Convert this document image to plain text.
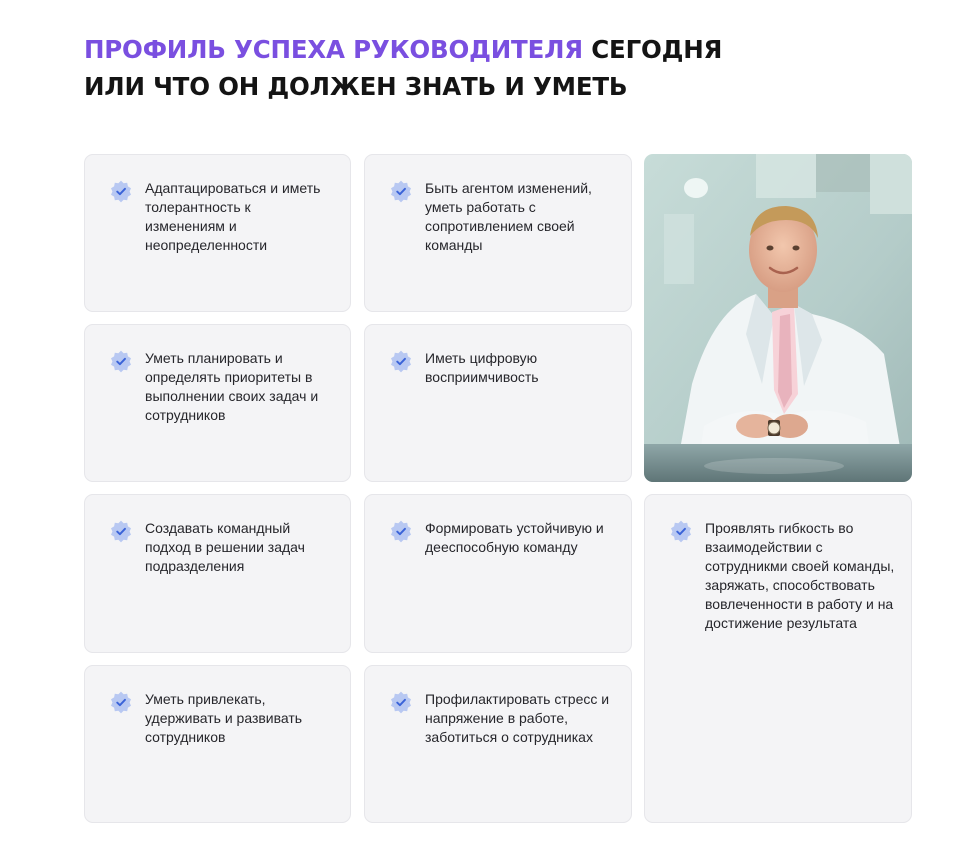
ПРОФИЛЬ УСПЕХА РУКОВОДИТЕЛЯ СЕГОДНЯ
ИЛИ ЧТО ОН ДОЛЖЕН ЗНАТЬ И УМЕТЬ

Адаптацироваться и иметь толерантность к изменениям и неопределенности

Быть агентом изменений, уметь работать с сопротивлением своей команды

Уметь планировать и определять приоритеты в выполнении своих задач и сотрудников

Иметь цифровую восприимчивость

Создавать командный подход в решении задач подразделения

Формировать устойчивую и дееспособную команду

Проявлять гибкость во взаимодействии с сотрудникми своей команды, заряжать, способствовать вовлеченности в работу и на достижение результата

Уметь привлекать, удерживать и развивать сотрудников

Профилактировать стресс и напряжение в работе, заботиться о сотрудниках
